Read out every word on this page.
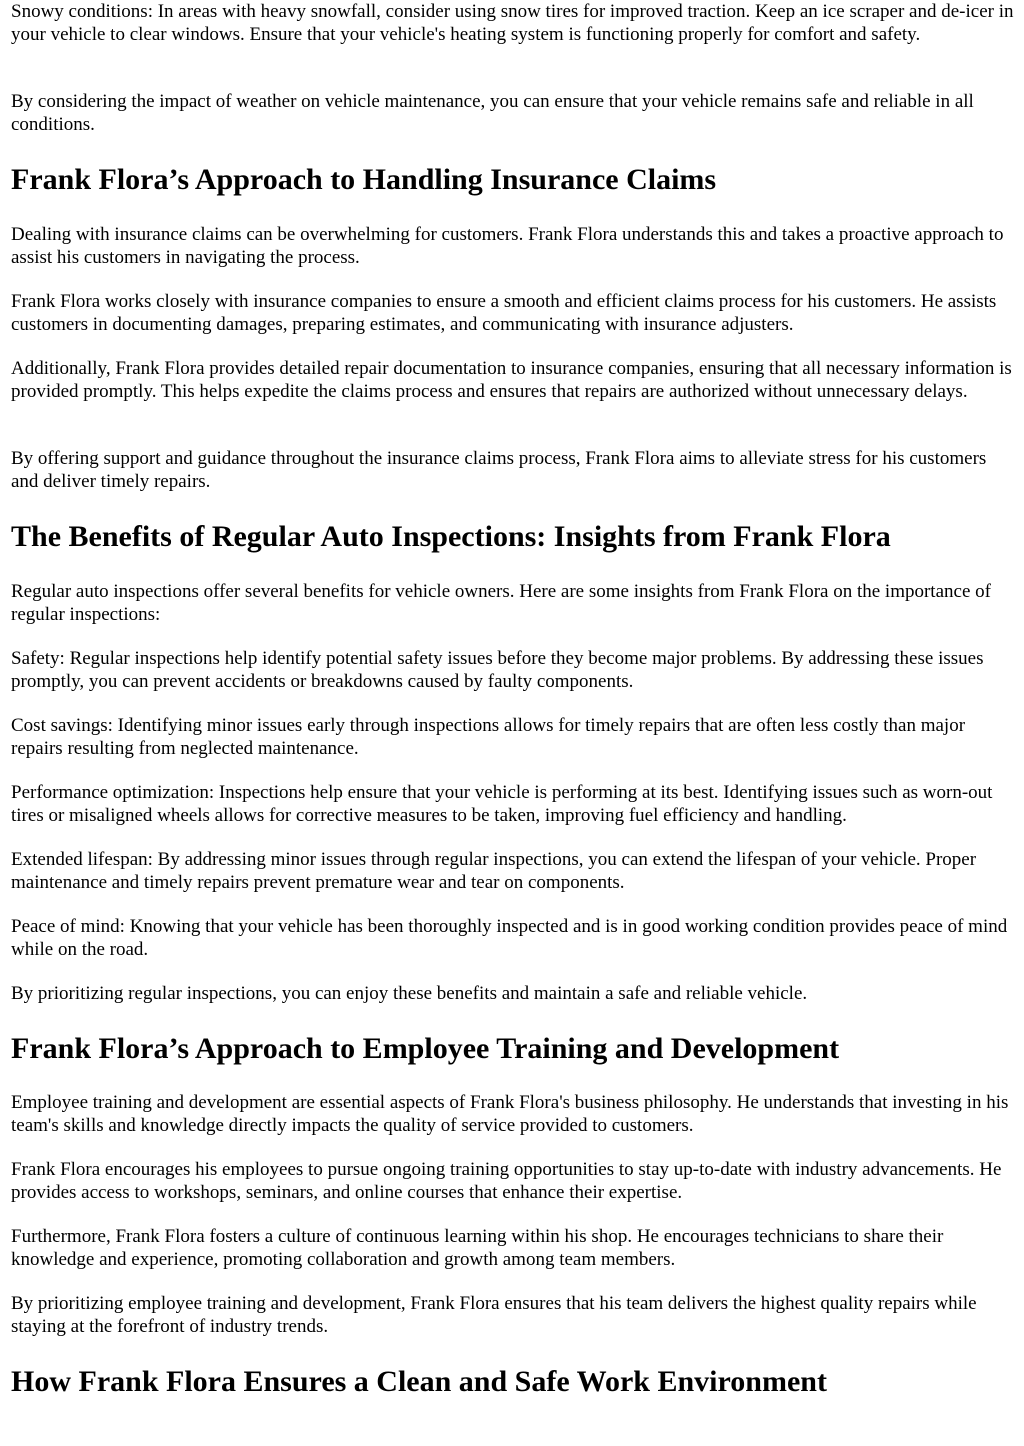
Snowy conditions: In areas with heavy snowfall, consider using snow tires for improved traction. Keep an ice scraper and de-icer in your vehicle to clear windows. Ensure that your vehicle's heating system is functioning properly for comfort and safety.

By considering the impact of weather on vehicle maintenance, you can ensure that your vehicle remains safe and reliable in all conditions.

Frank Flora’s Approach to Handling Insurance Claims

Dealing with insurance claims can be overwhelming for customers. Frank Flora understands this and takes a proactive approach to assist his customers in navigating the process.

Frank Flora works closely with insurance companies to ensure a smooth and efficient claims process for his customers. He assists customers in documenting damages, preparing estimates, and communicating with insurance adjusters.

Additionally, Frank Flora provides detailed repair documentation to insurance companies, ensuring that all necessary information is provided promptly. This helps expedite the claims process and ensures that repairs are authorized without unnecessary delays.

By offering support and guidance throughout the insurance claims process, Frank Flora aims to alleviate stress for his customers and deliver timely repairs.

The Benefits of Regular Auto Inspections: Insights from Frank Flora

Regular auto inspections offer several benefits for vehicle owners. Here are some insights from Frank Flora on the importance of regular inspections:

Safety: Regular inspections help identify potential safety issues before they become major problems. By addressing these issues promptly, you can prevent accidents or breakdowns caused by faulty components.

Cost savings: Identifying minor issues early through inspections allows for timely repairs that are often less costly than major repairs resulting from neglected maintenance.

Performance optimization: Inspections help ensure that your vehicle is performing at its best. Identifying issues such as worn-out tires or misaligned wheels allows for corrective measures to be taken, improving fuel efficiency and handling.

Extended lifespan: By addressing minor issues through regular inspections, you can extend the lifespan of your vehicle. Proper maintenance and timely repairs prevent premature wear and tear on components.

Peace of mind: Knowing that your vehicle has been thoroughly inspected and is in good working condition provides peace of mind while on the road.

By prioritizing regular inspections, you can enjoy these benefits and maintain a safe and reliable vehicle.

Frank Flora’s Approach to Employee Training and Development

Employee training and development are essential aspects of Frank Flora's business philosophy. He understands that investing in his team's skills and knowledge directly impacts the quality of service provided to customers.

Frank Flora encourages his employees to pursue ongoing training opportunities to stay up-to-date with industry advancements. He provides access to workshops, seminars, and online courses that enhance their expertise.

Furthermore, Frank Flora fosters a culture of continuous learning within his shop. He encourages technicians to share their knowledge and experience, promoting collaboration and growth among team members.

By prioritizing employee training and development, Frank Flora ensures that his team delivers the highest quality repairs while staying at the forefront of industry trends.

How Frank Flora Ensures a Clean and Safe Work Environment
